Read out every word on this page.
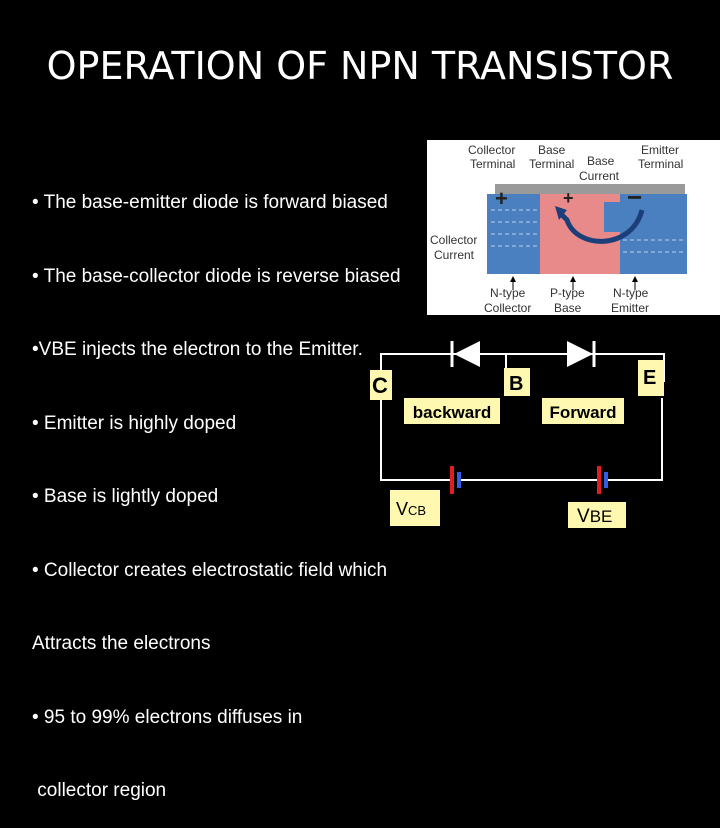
OPERATION OF NPN TRANSISTOR

• The base-emitter diode is forward biased

• The base-collector diode is reverse biased

•VBE injects the electron to the Emitter.

• Emitter is highly doped

• Base is lightly doped

• Collector creates electrostatic field which

Attracts the electrons

• 95 to 99% electrons diffuses in

collector region

Collector
Terminal
Base
Terminal Base
Current
Emitter
Terminal
+	+ −
Collector
Current
N-type
Collector
P-type
Base
N-type
Emitter
C	B	E
backward	Forward
VCB	VBE
